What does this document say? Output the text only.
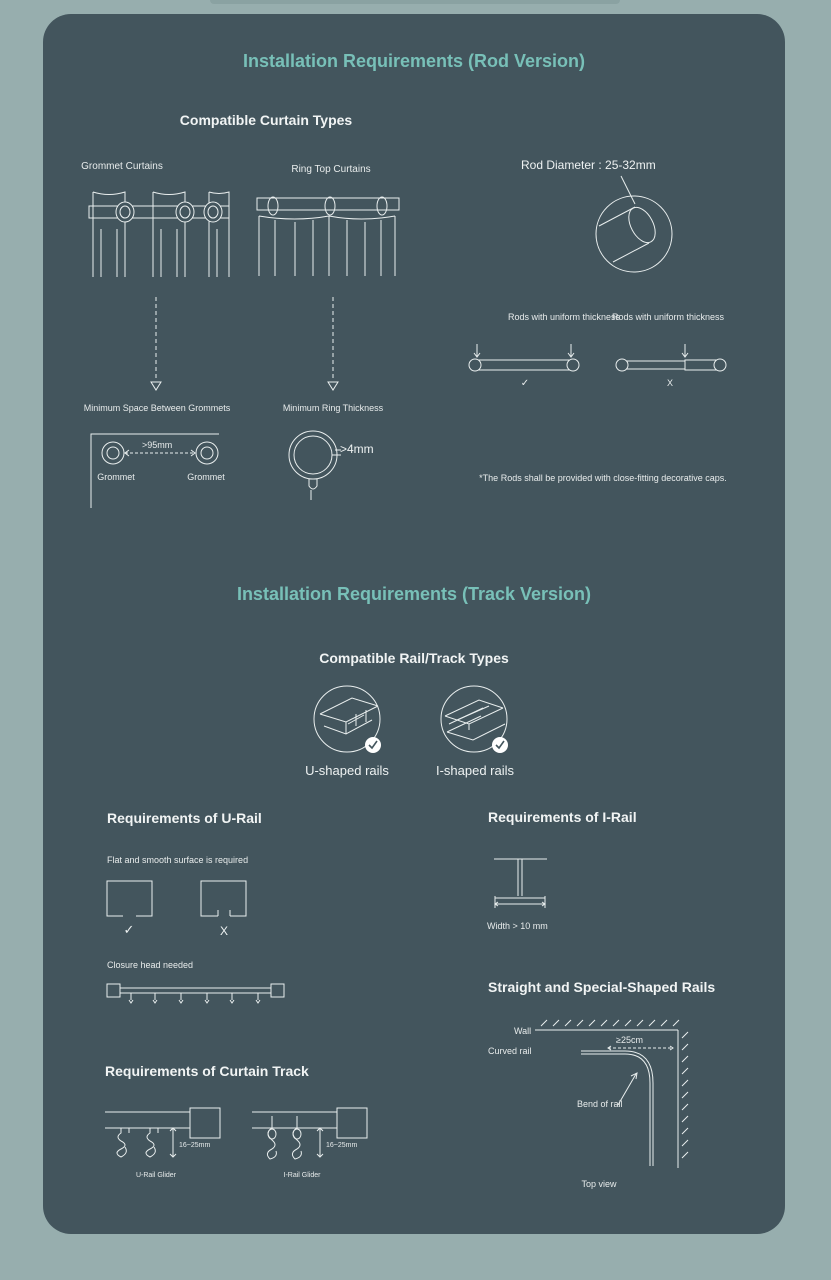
Installation Requirements (Rod Version)
Compatible Curtain Types
Grommet Curtains	Ring Top Curtains
Minimum Space Between Grommets	Minimum Ring Thickness
>95mm
Grommet	Grommet
>4mm
Rod Diameter : 25-32mm
Rods with uniform thickness
Rods with uniform thickness
✓	X
*The Rods shall be provided with close-fitting decorative caps.
Installation Requirements (Track Version)
Compatible Rail/Track Types
U-shaped rails	I-shaped rails
Requirements of U-Rail
Flat and smooth surface is required
✓	X
Closure head needed
Requirements of I-Rail
Width > 10 mm
Straight and Special-Shaped Rails
Wall
Curved rail
≥25cm
Bend of rail
Top view
Requirements of Curtain Track
16~25mm
U-Rail Glider
16~25mm
I-Rail Glider
